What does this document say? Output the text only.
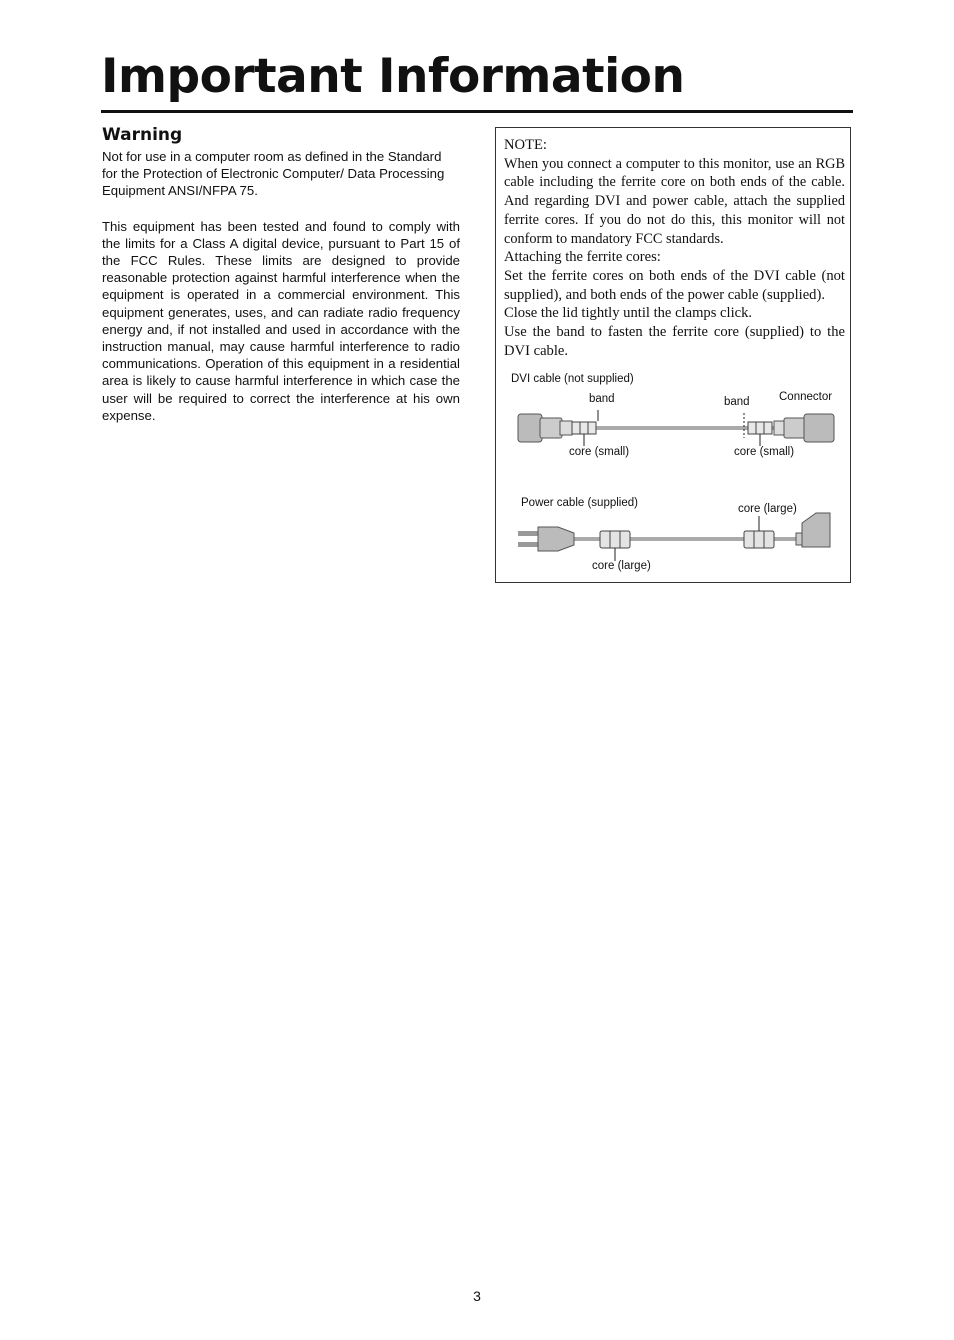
Important Information
Warning

Not for use in a computer room as defined in the Standard for the Protection of Electronic Computer/ Data Processing Equipment ANSI/NFPA 75.

This equipment has been tested and found to comply with the limits for a Class A digital device, pursuant to Part 15 of the FCC Rules. These limits are designed to provide reasonable protection against harmful interference when the equipment is operated in a commercial environment. This equipment generates, uses, and can radiate radio frequency energy and, if not installed and used in accordance with the instruction manual, may cause harmful interference to radio communications. Operation of this equipment in a residential area is likely to cause harmful interference in which case the user will be required to correct the interference at his own expense.

NOTE:
When you connect a computer to this monitor, use an RGB cable including the ferrite core on both ends of the cable. And regarding DVI and power cable, attach the supplied ferrite cores. If you do not do this, this monitor will not conform to mandatory FCC standards.
Attaching the ferrite cores:
Set the ferrite cores on both ends of the DVI cable (not supplied), and both ends of the power cable (supplied).
Close the lid tightly until the clamps click.
Use the band to fasten the ferrite core (supplied) to the DVI cable.
DVI cable (not supplied)
band	band	Connector
core (small)	core (small)
Power cable (supplied)	core (large)
core (large)
3
